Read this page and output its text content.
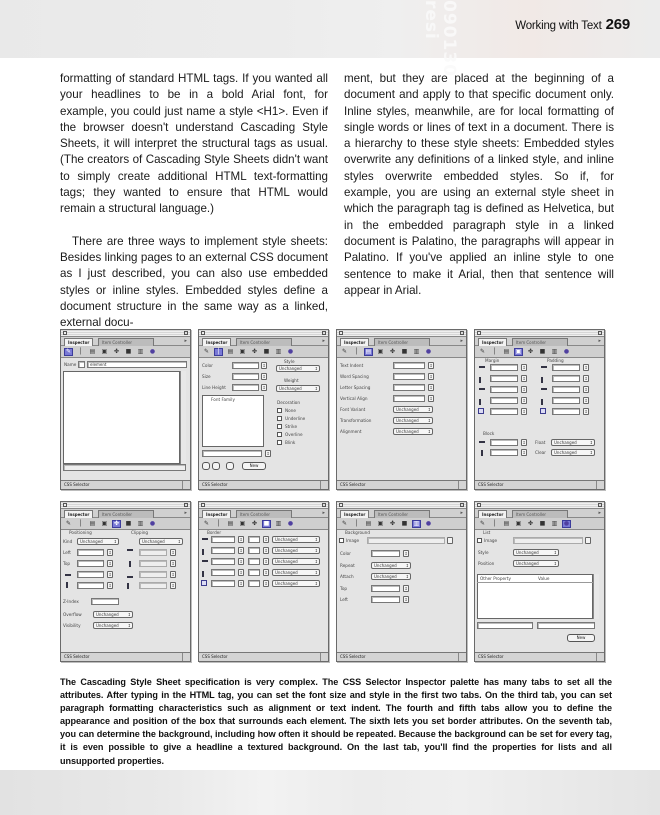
090130 resi	Working with Text 269

formatting of standard HTML tags. If you wanted all your headlines to be in a bold Arial font, for example, you could just name a style <H1>. Even if the browser doesn't understand Cascading Style Sheets, it will interpret the structural tags as usual. (The creators of Cascading Style Sheets didn't want to simply create additional HTML text-formatting tags; they wanted to ensure that HTML would remain a structural language.)

There are three ways to implement style sheets: Besides linking pages to an external CSS document as I just described, you can also use embedded styles or inline styles. Embedded styles define a document structure in the same way as a linked, external docu-

ment, but they are placed at the beginning of a document and apply to that specific document only. Inline styles, meanwhile, are for local formatting of single words or lines of text in a document. There is a hierarchy to these style sheets: Embedded styles overwrite any definitions of a linked style, and inline styles overwrite embedded styles. So if, for example, you are using an external style sheet in which the paragraph tag is defined as Helvetica, but in the embedded paragraph style in a linked document is Palatino, the paragraphs will appear in Palatino. If you've applied an inline style to one sentence to make it Arial, then that sentence will appear in Arial.

Inspector	Item Controller	▸
✎	│	▤ ▣	✤	■ ▥	●
Name	element
CSS Selector
Inspector	Item Controller	▸
✎	│	▤ ▣	✤	■ ▥	●
Color	↕
Size	↕
Line Height	↕
Style
Unchanged ↕
Weight
Unchanged ↕
Font Family
Decoration
None
Underline
Strike
Overline
Blink
↕
New
CSS Selector
Inspector	Item Controller	▸
✎	│	▤ ▣	✤	■ ▥	●
Text Indent	↕
Word Spacing	↕
Letter Spacing	↕
Vertical Align	↕
Font Variant	Unchanged ↕
Transformation	Unchanged ↕
Alignment	Unchanged ↕
CSS Selector
Inspector	Item Controller	▸
✎	│	▤ ▣	✤	■ ▥	●
Margin	Padding
↕	↕
↕	↕
↕	↕
↕	↕
↕	↕
Block
↕
↕
Float	Unchanged ↕
Clear	Unchanged ↕
CSS Selector
Inspector	Item Controller	▸
✎	│	▤ ▣	✤	■ ▥	●
Positioning	Clipping
Kind	Unchanged ↕	Unchanged ↕
Left	↕
Top	↕
↕
↕
↕
↕
↕
↕
Z-Index
Overflow	Unchanged ↕
Visibility	Unchanged ↕
CSS Selector
Inspector	Item Controller	▸
✎	│	▤ ▣	✤	■ ▥	●
Border
↕	↕	Unchanged ↕
↕	↕	Unchanged ↕
↕	↕	Unchanged ↕
↕	↕	Unchanged ↕
↕	↕	Unchanged ↕
CSS Selector
Inspector	Item Controller	▸
✎	│	▤ ▣	✤	■ ▥	●
Background
Image
Color	↕
Repeat	Unchanged ↕
Attach	Unchanged ↕
Top	↕
Left	↕
CSS Selector
Inspector	Item Controller	▸
✎	│	▤ ▣	✤	■ ▥	●
List
Image
Style	Unchanged ↕
Position	Unchanged ↕
Other Property	Value
New
CSS Selector
The Cascading Style Sheet specification is very complex. The CSS Selector Inspector palette has many tabs to set all the attributes. After typing in the HTML tag, you can set the font size and style in the first two tabs. On the third tab, you can set paragraph formatting characteristics such as alignment or text indent. The fourth and fifth tabs allow you to define the appearance and position of the box that surrounds each element. The sixth lets you set border attributes. On the seventh tab, you can determine the background, including how often it should be repeated. Because the background can be set for every tag, it is even possible to give a headline a textured background. On the last tab, you'll find the properties for lists and all unsupported properties.
